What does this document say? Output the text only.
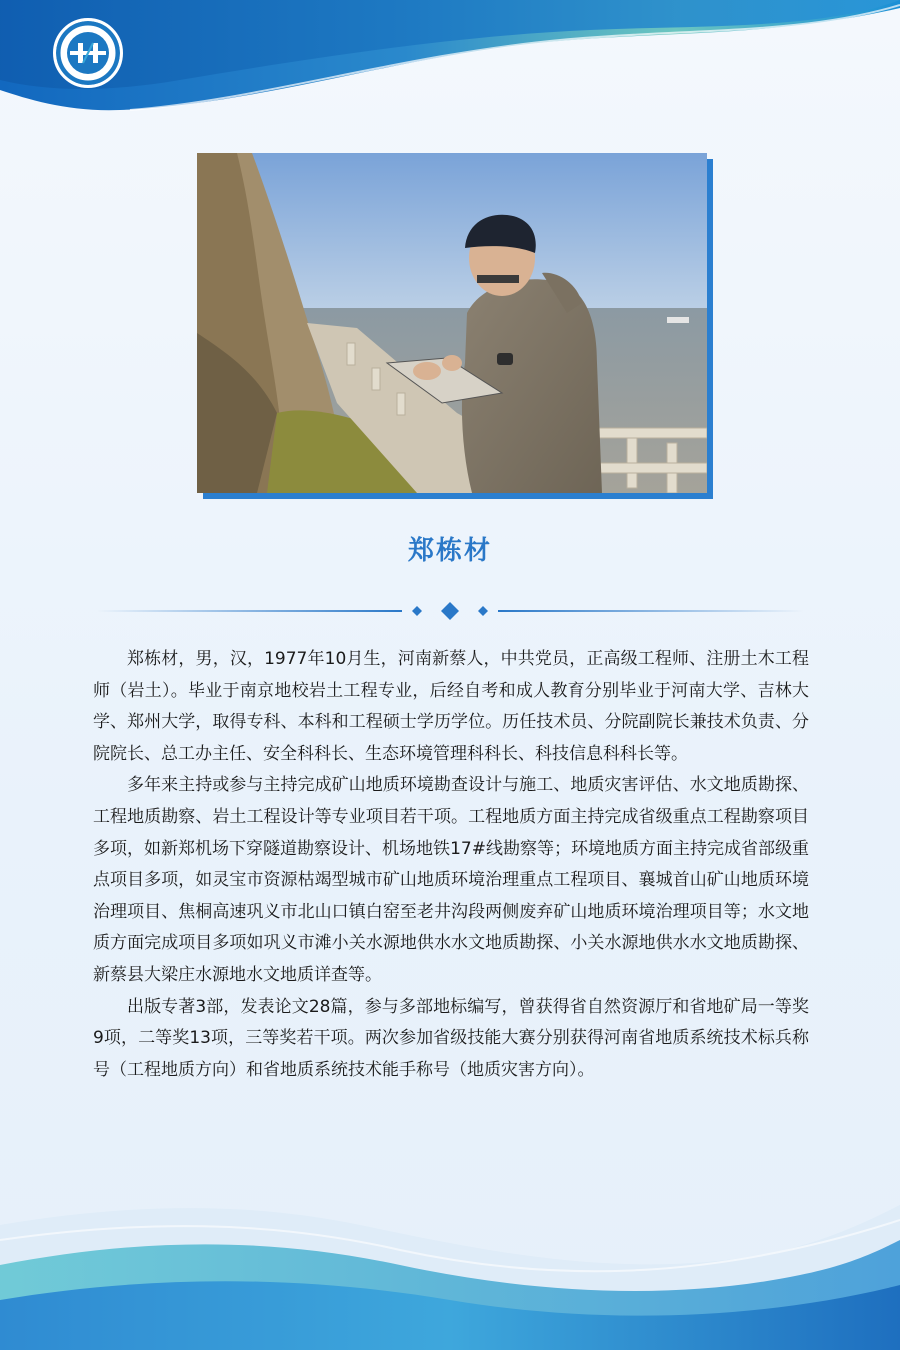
郑栋材

郑栋材，男，汉，1977年10月生，河南新蔡人，中共党员，正高级工程师、注册土木工程师（岩土）。毕业于南京地校岩土工程专业，后经自考和成人教育分别毕业于河南大学、吉林大学、郑州大学，取得专科、本科和工程硕士学历学位。历任技术员、分院副院长兼技术负责、分院院长、总工办主任、安全科科长、生态环境管理科科长、科技信息科科长等。

多年来主持或参与主持完成矿山地质环境勘查设计与施工、地质灾害评估、水文地质勘探、工程地质勘察、岩土工程设计等专业项目若干项。工程地质方面主持完成省级重点工程勘察项目多项，如新郑机场下穿隧道勘察设计、机场地铁17#线勘察等；环境地质方面主持完成省部级重点项目多项，如灵宝市资源枯竭型城市矿山地质环境治理重点工程项目、襄城首山矿山地质环境治理项目、焦桐高速巩义市北山口镇白窑至老井沟段两侧废弃矿山地质环境治理项目等；水文地质方面完成项目多项如巩义市滩小关水源地供水水文地质勘探、小关水源地供水水文地质勘探、新蔡县大梁庄水源地水文地质详查等。

出版专著3部，发表论文28篇，参与多部地标编写，曾获得省自然资源厅和省地矿局一等奖9项，二等奖13项，三等奖若干项。两次参加省级技能大赛分别获得河南省地质系统技术标兵称号（工程地质方向）和省地质系统技术能手称号（地质灾害方向）。
